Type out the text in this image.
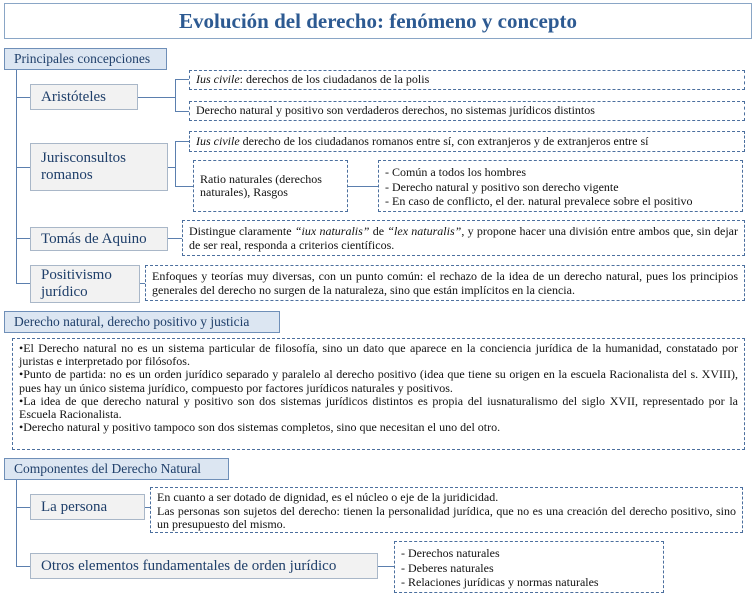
Evolución del derecho: fenómeno y concepto
Principales concepciones
Aristóteles
Ius civile: derechos de los ciudadanos de la polis
Derecho natural y positivo son verdaderos derechos, no sistemas jurídicos distintos
Jurisconsultos romanos
Ius civile derecho de los ciudadanos romanos entre sí, con extranjeros y de extranjeros entre sí
Ratio naturales (derechos naturales), Rasgos
- Común a todos los hombres
- Derecho natural y positivo son derecho vigente
- En caso de conflicto, el der. natural prevalece sobre el positivo
Tomás de Aquino	Distingue claramente “iux naturalis” de “lex naturalis”, y propone hacer una división entre ambos que, sin dejar de ser real, responda a criterios científicos.
Positivismo jurídico
Enfoques y teorías muy diversas, con un punto común: el rechazo de la idea de un derecho natural, pues los principios generales del derecho no surgen de la naturaleza, sino que están implícitos en la ciencia.
Derecho natural, derecho positivo y justicia

•El Derecho natural no es un sistema particular de filosofía, sino un dato que aparece en la conciencia jurídica de la humanidad, constatado por juristas e interpretado por filósofos.

•Punto de partida: no es un orden jurídico separado y paralelo al derecho positivo (idea que tiene su origen en la escuela Racionalista del s. XVIII), pues hay un único sistema jurídico, compuesto por factores jurídicos naturales y positivos.

•La idea de que derecho natural y positivo son dos sistemas jurídicos distintos es propia del iusnaturalismo del siglo XVII, representado por la Escuela Racionalista.

•Derecho natural y positivo tampoco son dos sistemas completos, sino que necesitan el uno del otro.

Componentes del Derecho Natural
La persona
En cuanto a ser dotado de dignidad, es el núcleo o eje de la juridicidad.
Las personas son sujetos del derecho: tienen la personalidad jurídica, que no es una creación del derecho positivo, sino un presupuesto del mismo.
Otros elementos fundamentales de orden jurídico
- Derechos naturales
- Deberes naturales
- Relaciones jurídicas y normas naturales
